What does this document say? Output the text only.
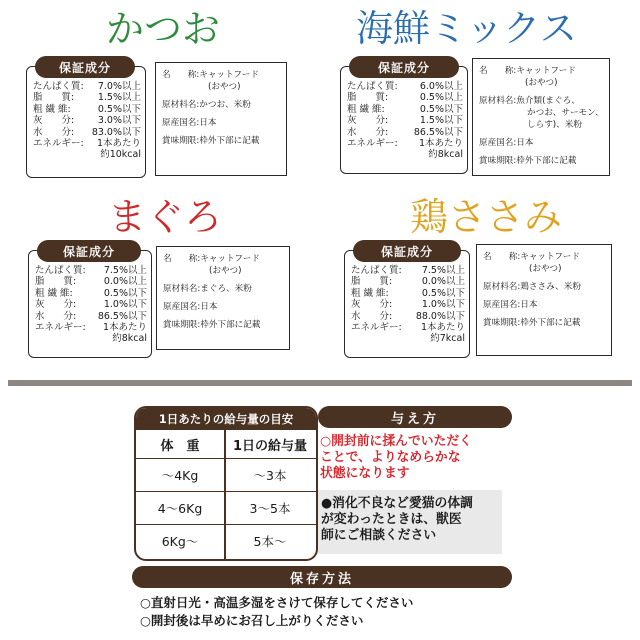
かつお
保証成分
たんぱく質: 7.0%以上
脂　　質: 1.5%以上
粗 繊 維:	0.5%以下
灰　　分: 3.0%以下
水　　分: 83.0%以下
エネルギー: 1本あたり
約10kcal
名　　称:キャットフード
(おやつ)
原材料名:かつお、米粉
原産国名:日本
賞味期限:枠外下部に記載
海鮮ミックス
保証成分
たんぱく質: 6.0%以上
脂　　質:	0.5%以上
粗 繊 維:	0.5%以下
灰　　分:	1.5%以下
水　　分:	86.5%以下
エネルギー: 1本あたり
約8kcal
名　　称:キャットフード
(おやつ)
原材料名:魚介類(まぐろ、
かつお、サーモン、
しらす)、米粉
原産国名:日本
賞味期限:枠外下部に記載
まぐろ
保証成分
たんぱく質: 7.5%以上
脂　　質:	0.0%以上
粗 繊 維:	0.5%以下
灰　　分:	1.0%以下
水　　分: 86.5%以下
エネルギー: 1本あたり
約8kcal
名　　称:キャットフード
(おやつ)
原材料名:まぐろ、米粉
原産国名:日本
賞味期限:枠外下部に記載
鶏ささみ
保証成分
たんぱく質: 7.5%以上
脂　　質:	0.0%以上
粗 繊 維:	0.5%以下
灰　　分:	1.0%以下
水　　分: 88.0%以下
エネルギー: 1本あたり
約7kcal
名　　称:キャットフード
(おやつ)
原材料名:鶏ささみ、米粉
原産国名:日本
賞味期限:枠外下部に記載
1日あたりの給与量の目安
体　重	1日の給与量
～4Kg	～3本
4～6Kg	3～5本
6Kg～	5本～
与え方
○開封前に揉んでいただく
ことで、よりなめらかな
状態になります
●消化不良など愛猫の体調
が変わったときは、獣医
師にご相談ください
保存方法
○直射日光・高温多湿をさけて保存してください
○開封後は早めにお召し上がりください
